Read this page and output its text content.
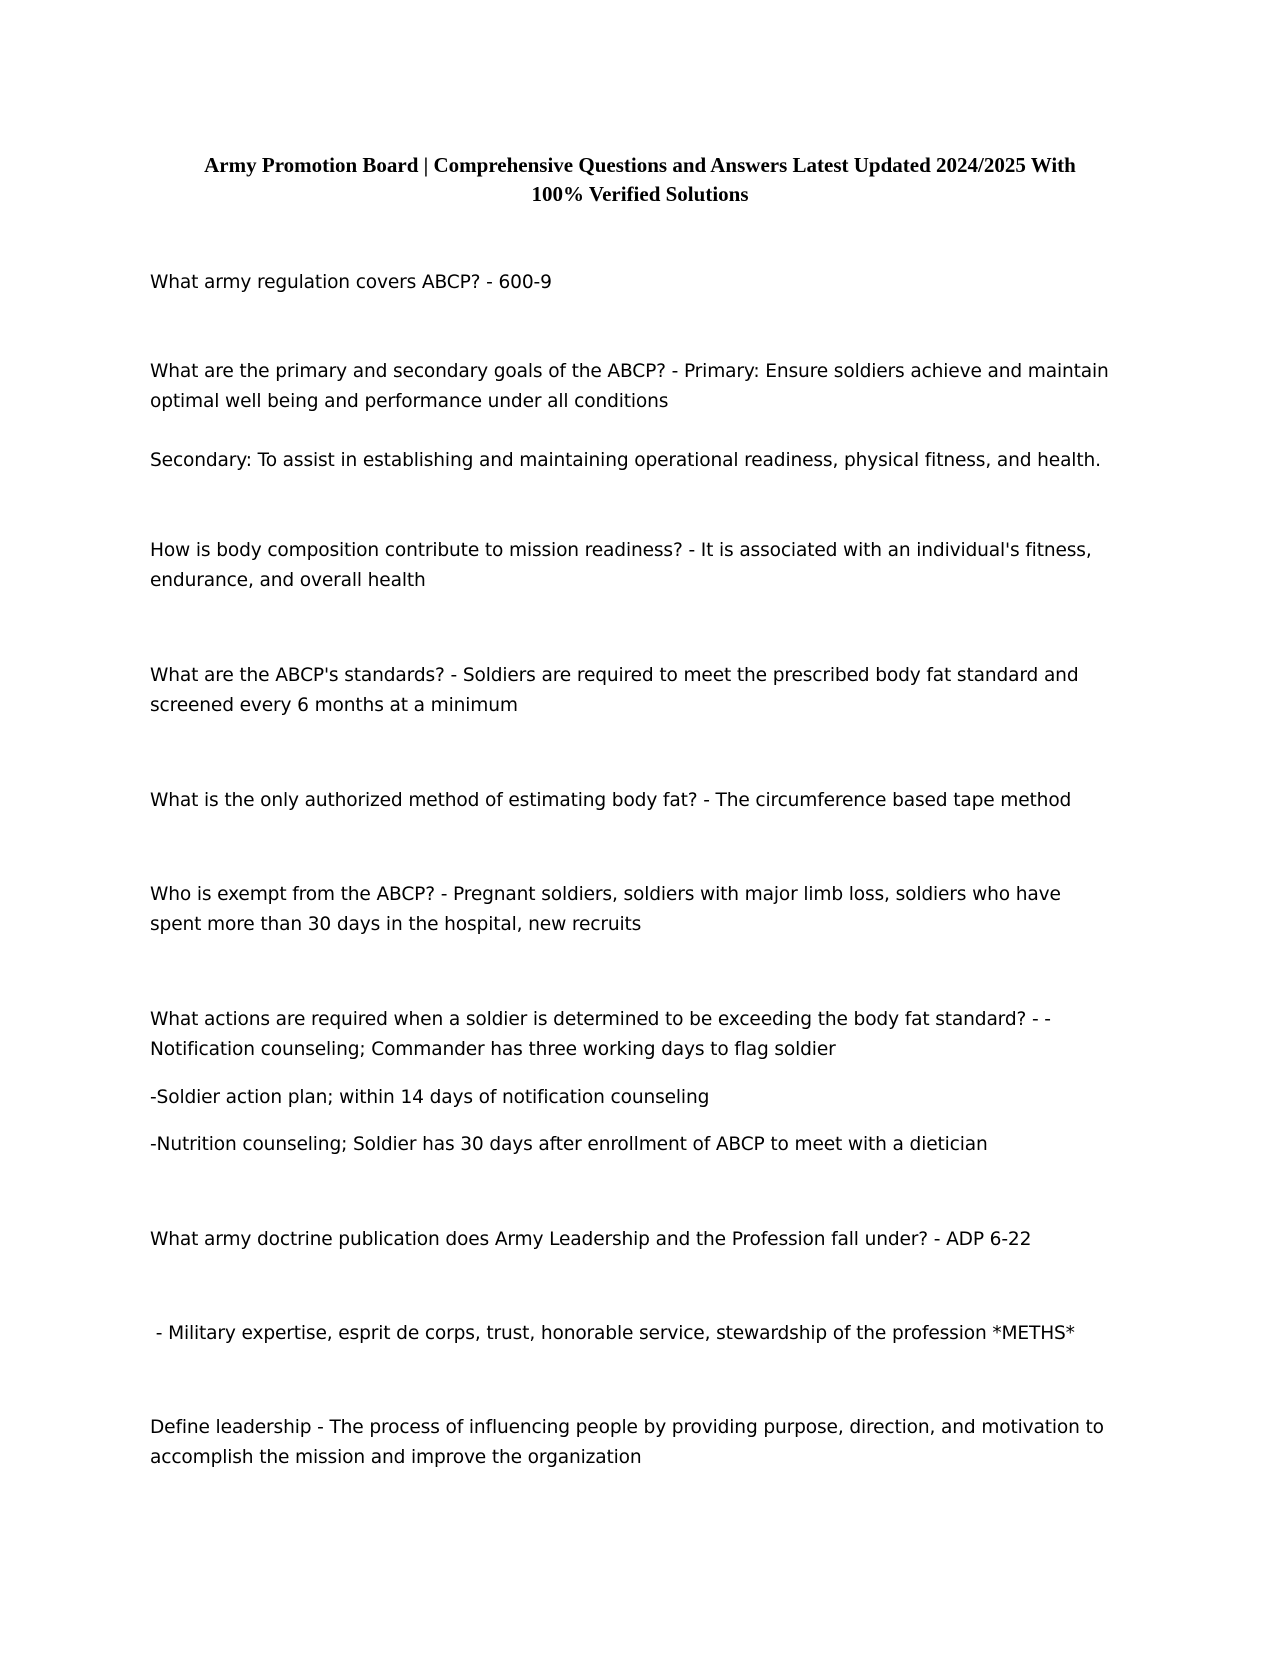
Army Promotion Board | Comprehensive Questions and Answers Latest Updated 2024/2025 With
100% Verified Solutions
What army regulation covers ABCP? - 600-9
What are the primary and secondary goals of the ABCP? - Primary: Ensure soldiers achieve and maintain
optimal well being and performance under all conditions
Secondary: To assist in establishing and maintaining operational readiness, physical fitness, and health.
How is body composition contribute to mission readiness? - It is associated with an individual's fitness,
endurance, and overall health
What are the ABCP's standards? - Soldiers are required to meet the prescribed body fat standard and
screened every 6 months at a minimum
What is the only authorized method of estimating body fat? - The circumference based tape method
Who is exempt from the ABCP? - Pregnant soldiers, soldiers with major limb loss, soldiers who have
spent more than 30 days in the hospital, new recruits
What actions are required when a soldier is determined to be exceeding the body fat standard? - -
Notification counseling; Commander has three working days to flag soldier
-Soldier action plan; within 14 days of notification counseling
-Nutrition counseling; Soldier has 30 days after enrollment of ABCP to meet with a dietician
What army doctrine publication does Army Leadership and the Profession fall under? - ADP 6-22
- Military expertise, esprit de corps, trust, honorable service, stewardship of the profession *METHS*
Define leadership - The process of influencing people by providing purpose, direction, and motivation to
accomplish the mission and improve the organization
